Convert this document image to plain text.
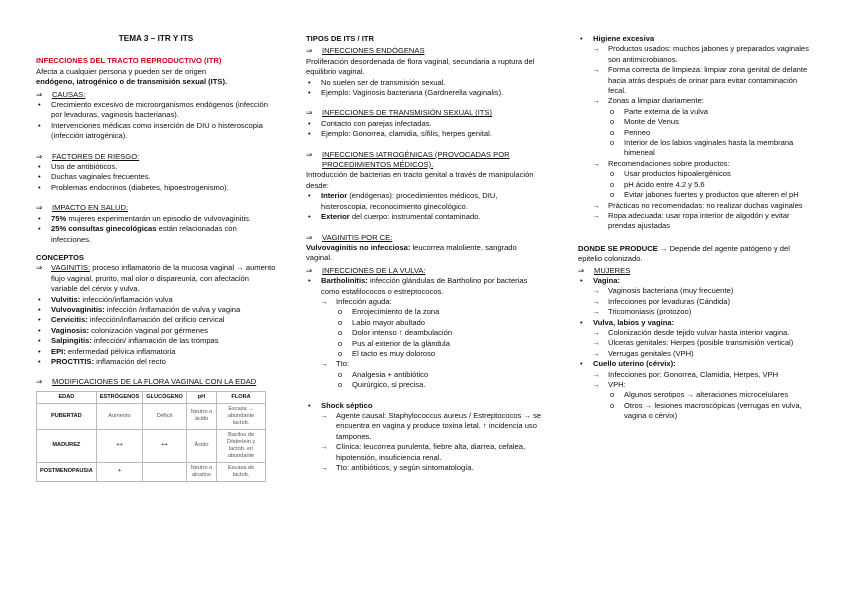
TEMA 3 – ITR Y ITS

INFECCIONES DEL TRACTO REPRODUCTIVO (ITR)

Afecta a cualquier persona y pueden ser de origen

endógeno, iatrogénico o de transmisión sexual (ITS).

⇒	CAUSAS:
•	Crecimiento excesivo de microorganismos endógenos (infección por levaduras, vaginosis bacterianas).
•	Intervenciones médicas como inserción de DIU o histeroscopia (infección iatrogénica).
⇒	FACTORES DE RIESGO:
•	Uso de antibióticos.
•	Duchas vaginales frecuentes.
•	Problemas endocrinos (diabetes, hipoestrogenismo).
⇒	IMPACTO EN SALUD:
•	75% mujeres experimentarán un episodio de vulvovaginitis.
•	25% consultas ginecológicas están relacionadas con infecciones.

CONCEPTOS

⇒	VAGINITIS: proceso inflamatorio de la mucosa vaginal → aumento flujo vaginal, prurito, mal olor o dispareunia, con afectación variable del cérvix y vulva.
•	Vulvitis: infección/inflamación vulva
•	Vulvovaginitis: infección /inflamación de vulva y vagina
•	Cervicitis: infección/inflamación del orificio cervical
•	Vaginosis: colonización vaginal por gérmenes
•	Salpingitis: infección/ inflamación de las trompas
•	EPI: enfermedad pélvica inflamatoria
•	PROCTITIS: inflamación del recto
⇒	MODIFICACIONES DE LA FLORA VAGINAL CON LA EDAD
EDAD	ESTRÓGENOS	GLUCÓGENO	pH	FLORA
PUBERTAD	Aumento	Déficit	Neutro o ácido	Escasa → abundante lactob.
MADUREZ	++	++	Ácido	Bacilos de Döderlein y lactob. en abundante
POSTMENOPAUSIA	+		Neutro o alcalino	Escasa de lactob.

TIPOS DE ITS / ITR

⇒	INFECCIONES ENDÓGENAS

Proliferación desordenada de flora vaginal, secundaria a ruptura del equilibrio vaginal.

•	No suelen ser de transmisión sexual.
•	Ejemplo: Vaginosis bacteriana (Gardnerella vaginalis).
⇒	INFECCIONES DE TRANSMISIÓN SEXUAL (ITS)
•	Contacto con parejas infectadas.
•	Ejemplo: Gonorrea, clamidia, sífilis, herpes genital.
⇒	INFECCIONES IATROGÉNICAS (PROVOCADAS POR PROCEDIMIENTOS MÉDICOS).

Introducción de bacterias en tracto genital a través de manipulación desde:

•	Interior (endógenas): procedimientos médicos, DIU, histeroscopia, reconocimiento ginecológico.
•	Exterior del cuerpo: instrumental contaminado.
⇒	VAGINITIS POR CE:

Vulvovaginitis no infecciosa: leucorrea maloliente, sangrado vaginal.

⇒	INFECCIONES DE LA VULVA:
•	Bartholinitis: infección glándulas de Bartholino por bacterias como estafilococos o estreptococos.
→	Infección aguda:
o	Enrojecimiento de la zona
o	Labio mayor abultado
o	Dolor intenso ↑ deambulación
o	Pus al exterior de la glándula
o	El tacto es muy doloroso
→	Tto:
o	Analgesia + antibiótico
o	Quirúrgico, si precisa.
•	Shock séptico
→	Agente causal: Staphylococcus aureus / Estreptococos → se encuentra en vagina y produce toxina letal. ↑ incidencia uso tampones.
→	Clínica: leucorrea purulenta, fiebre alta, diarrea, cefalea, hipotensión, insuficiencia renal.
→	Tto: antibióticos, y según sintomatología.
•	Higiene excesiva
→	Productos usados: muchos jabones y preparados vaginales son antimicrobianos.
→	Forma correcta de limpieza: limpiar zona genital de delante hacia atrás después de orinar para evitar contaminación fecal.
→	Zonas a limpiar diariamente:
o	Parte externa de la vulva
o	Monte de Venus
o	Perineo
o	Interior de los labios vaginales hasta la membrana himeneal
→	Recomendaciones sobre productos:
o	Usar productos hipoalergénicos
o	pH ácido entre 4.2 y 5.6
o	Evitar jabones fuertes y productos que alteren el pH
→	Prácticas no recomendadas: no realizar duchas vaginales
→	Ropa adecuada: usar ropa interior de algodón y evitar prendas ajustadas

DONDE SE PRODUCE → Depende del agente patógeno y del epitelio colonizado.

⇒	MUJERES
•	Vagina:
→	Vaginosis bacteriana (muy frecuente)
→	Infecciones por levaduras (Cándida)
→	Tricomoniasis (protozoo)
•	Vulva, labios y vagina:
→	Colonización desde tejido vulvar hasta interior vagina.
→	Úlceras genitales: Herpes (posible transmisión vertical)
→	Verrugas genitales (VPH)
•	Cuello uterino (cérvix):
→	Infecciones por: Gonorrea, Clamidia, Herpes, VPH
→	VPH:
o	Algunos serotipos → alteraciones microcelulares
o	Otros → lesiones macroscópicas (verrugas en vulva, vagina o cérvix)
